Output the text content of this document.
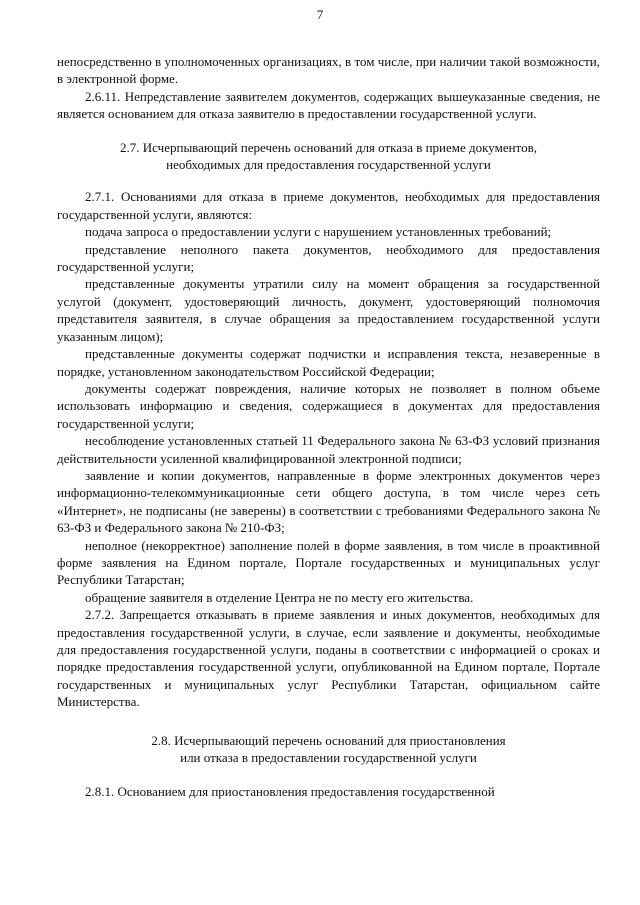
7

непосредственно в уполномоченных организациях, в том числе, при наличии такой возможности, в электронной форме.

2.6.11. Непредставление заявителем документов, содержащих вышеуказанные сведения, не является основанием для отказа заявителю в предоставлении государственной услуги.

2.7. Исчерпывающий перечень оснований для отказа в приеме документов,
необходимых для предоставления государственной услуги

2.7.1. Основаниями для отказа в приеме документов, необходимых для предоставления государственной услуги, являются:

подача запроса о предоставлении услуги с нарушением установленных требований;

представление неполного пакета документов, необходимого для предоставления государственной услуги;

представленные документы утратили силу на момент обращения за государственной услугой (документ, удостоверяющий личность, документ, удостоверяющий полномочия представителя заявителя, в случае обращения за предоставлением государственной услуги указанным лицом);

представленные документы содержат подчистки и исправления текста, незаверенные в порядке, установленном законодательством Российской Федерации;

документы содержат повреждения, наличие которых не позволяет в полном объеме использовать информацию и сведения, содержащиеся в документах для предоставления государственной услуги;

несоблюдение установленных статьей 11 Федерального закона № 63-ФЗ условий признания действительности усиленной квалифицированной электронной подписи;

заявление и копии документов, направленные в форме электронных документов через информационно-телекоммуникационные сети общего доступа, в том числе через сеть «Интернет», не подписаны (не заверены) в соответствии с требованиями Федерального закона № 63-ФЗ и Федерального закона № 210-ФЗ;

неполное (некорректное) заполнение полей в форме заявления, в том числе в проактивной форме заявления на Едином портале, Портале государственных и муниципальных услуг Республики Татарстан;

обращение заявителя в отделение Центра не по месту его жительства.

2.7.2. Запрещается отказывать в приеме заявления и иных документов, необходимых для предоставления государственной услуги, в случае, если заявление и документы, необходимые для предоставления государственной услуги, поданы в соответствии с информацией о сроках и порядке предоставления государственной услуги, опубликованной на Едином портале, Портале государственных и муниципальных услуг Республики Татарстан, официальном сайте Министерства.

2.8. Исчерпывающий перечень оснований для приостановления
или отказа в предоставлении государственной услуги

2.8.1. Основанием для приостановления предоставления государственной
